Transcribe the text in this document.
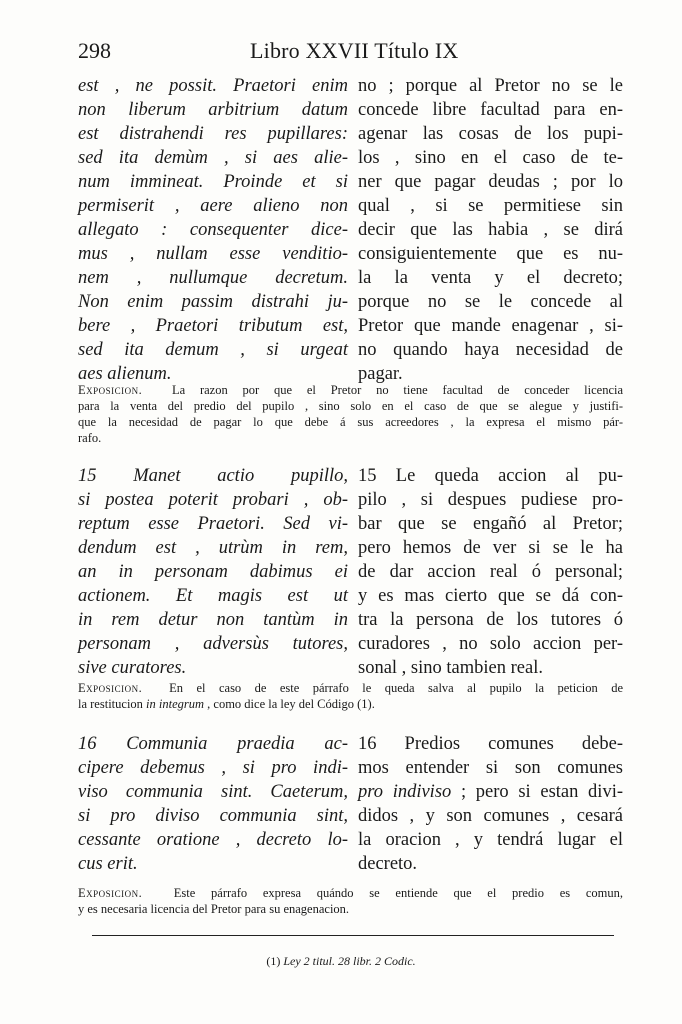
298	Libro XXVII Título IX
est , ne possit. Praetori enim
non liberum arbitrium datum
est distrahendi res pupillares:
sed ita demùm , si aes alie-
num immineat. Proinde et si
permiserit , aere alieno non
allegato : consequenter dice-
mus , nullam esse venditio-
nem , nullumque decretum.
Non enim passim distrahi ju-
bere , Praetori tributum est,
sed ita demum , si urgeat
aes alienum.
no ; porque al Pretor no se le
concede libre facultad para en-
agenar las cosas de los pupi-
los , sino en el caso de te-
ner que pagar deudas ; por lo
qual , si se permitiese sin
decir que las habia , se dirá
consiguientemente que es nu-
la la venta y el decreto;
porque no se le concede al
Pretor que mande enagenar , si-
no quando haya necesidad de
pagar.
Exposicion. La razon por que el Pretor no tiene facultad de conceder licencia
para la venta del predio del pupilo , sino solo en el caso de que se alegue y justifi-
que la necesidad de pagar lo que debe á sus acreedores , la expresa el mismo pár-
rafo.
15 Manet actio pupillo,
si postea poterit probari , ob-
reptum esse Praetori. Sed vi-
dendum est , utrùm in rem,
an in personam dabimus ei
actionem. Et magis est ut
in rem detur non tantùm in
personam , adversùs tutores,
sive curatores.
15 Le queda accion al pu-
pilo , si despues pudiese pro-
bar que se engañó al Pretor;
pero hemos de ver si se le ha
de dar accion real ó personal;
y es mas cierto que se dá con-
tra la persona de los tutores ó
curadores , no solo accion per-
sonal , sino tambien real.
Exposicion. En el caso de este párrafo le queda salva al pupilo la peticion de
la restitucion in integrum , como dice la ley del Código (1).
16 Communia praedia ac-
cipere debemus , si pro indi-
viso communia sint. Caeterum,
si pro diviso communia sint,
cessante oratione , decreto lo-
cus erit.
16 Predios comunes debe-
mos entender si son comunes
pro indiviso ; pero si estan divi-
didos , y son comunes , cesará
la oracion , y tendrá lugar el
decreto.
Exposicion.	Este párrafo expresa quándo se entiende que el predio es comun,
y es necesaria licencia del Pretor para su enagenacion.
(1) Ley 2 titul. 28 libr. 2 Codic.
